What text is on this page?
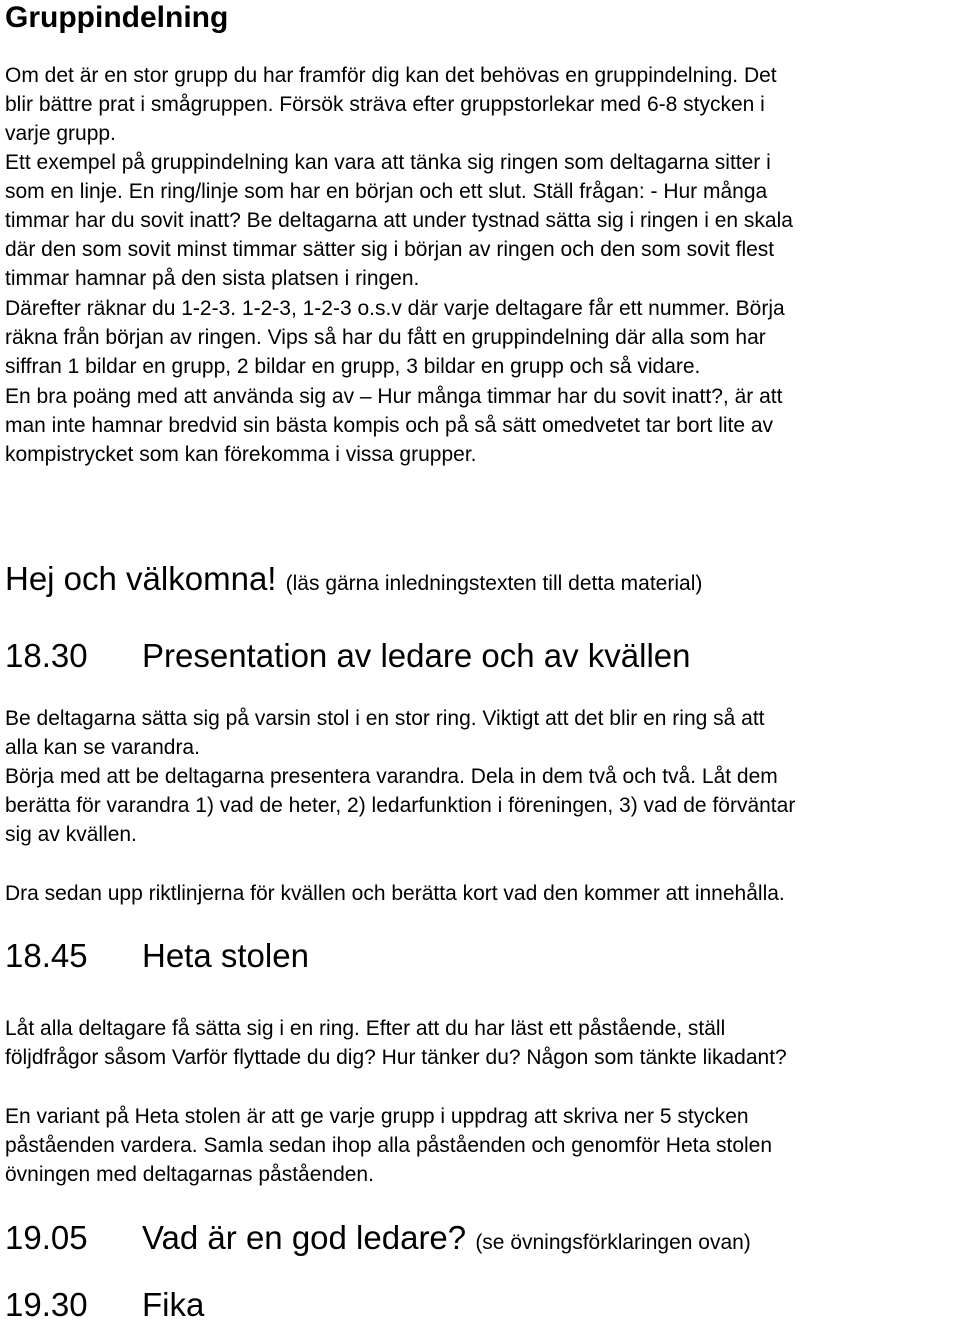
Gruppindelning

Om det är en stor grupp du har framför dig kan det behövas en gruppindelning. Det
blir bättre prat i smågruppen. Försök sträva efter gruppstorlekar med 6-8 stycken i
varje grupp.

Ett exempel på gruppindelning kan vara att tänka sig ringen som deltagarna sitter i
som en linje. En ring/linje som har en början och ett slut. Ställ frågan: - Hur många
timmar har du sovit inatt? Be deltagarna att under tystnad sätta sig i ringen i en skala
där den som sovit minst timmar sätter sig i början av ringen och den som sovit flest
timmar hamnar på den sista platsen i ringen.

Därefter räknar du 1-2-3. 1-2-3, 1-2-3 o.s.v där varje deltagare får ett nummer. Börja
räkna från början av ringen. Vips så har du fått en gruppindelning där alla som har
siffran 1 bildar en grupp, 2 bildar en grupp, 3 bildar en grupp och så vidare.

En bra poäng med att använda sig av – Hur många timmar har du sovit inatt?, är att
man inte hamnar bredvid sin bästa kompis och på så sätt omedvetet tar bort lite av
kompistrycket som kan förekomma i vissa grupper.

Hej och välkomna! (läs gärna inledningstexten till detta material)
18.30 Presentation av ledare och av kvällen

Be deltagarna sätta sig på varsin stol i en stor ring. Viktigt att det blir en ring så att
alla kan se varandra.

Börja med att be deltagarna presentera varandra. Dela in dem två och två. Låt dem
berätta för varandra 1) vad de heter, 2) ledarfunktion i föreningen, 3) vad de förväntar
sig av kvällen.

Dra sedan upp riktlinjerna för kvällen och berätta kort vad den kommer att innehålla.

18.45 Heta stolen

Låt alla deltagare få sätta sig i en ring. Efter att du har läst ett påstående, ställ
följdfrågor såsom Varför flyttade du dig? Hur tänker du? Någon som tänkte likadant?

En variant på Heta stolen är att ge varje grupp i uppdrag att skriva ner 5 stycken
påståenden vardera. Samla sedan ihop alla påståenden och genomför Heta stolen
övningen med deltagarnas påståenden.

19.05 Vad är en god ledare? (se övningsförklaringen ovan)
19.30 Fika
